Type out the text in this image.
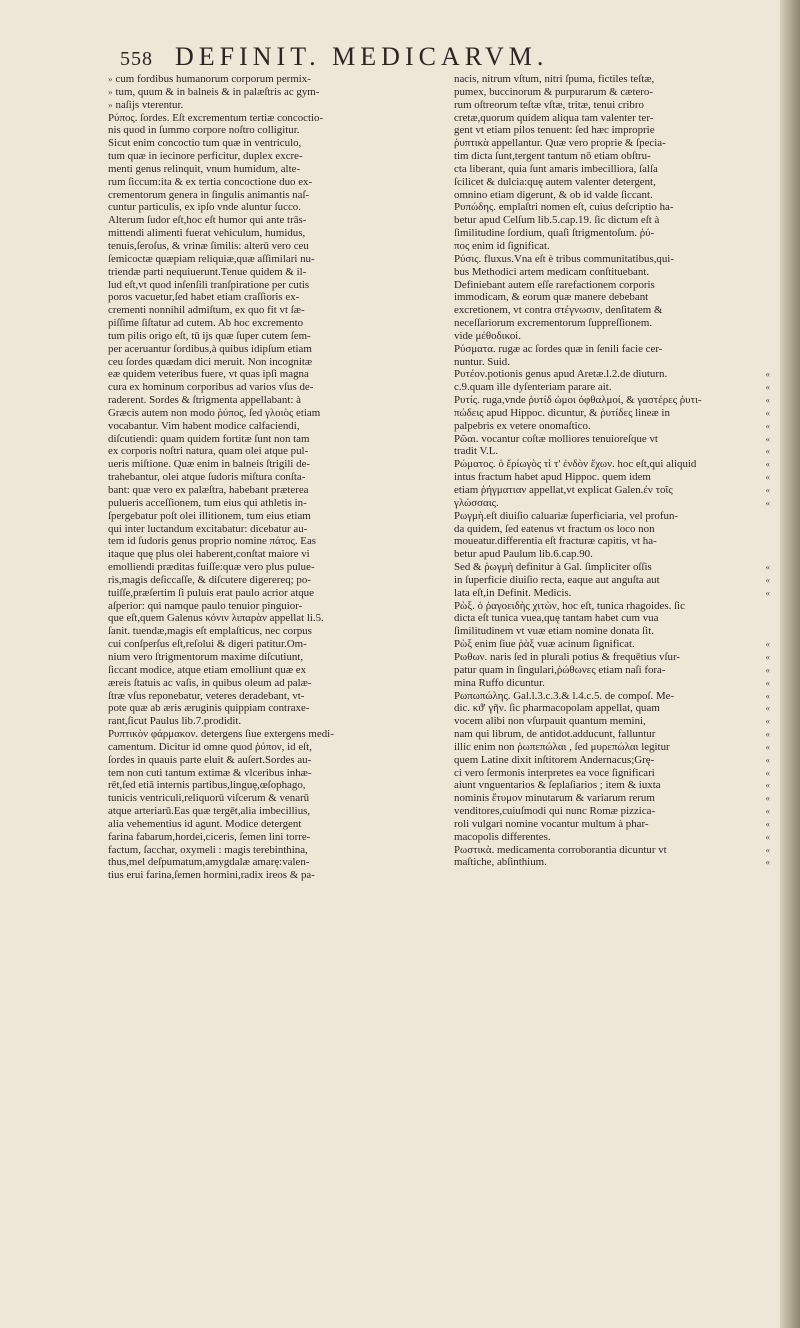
558 DEFINIT. MEDICARVM.
» cum fordibus humanorum corporum permix-
» tum, quum & in balneis & in palæſtris ac gym-
» naſijs vterentur.
Pύπος. ſordes. Eſt excrementum tertiæ concoctio-
nis quod in ſummo corpore noſtro colligitur.
Sicut enim concoctio tum quæ in ventriculo,
tum quæ in iecinore perficitur, duplex excre-
menti genus relinquit, vnum humidum, alte-
rum ſiccum:ita & ex tertia concoctione duo ex-
crementorum genera in ſingulis animantis naſ-
cuntur particulis, ex ipſo vnde aluntur ſucco.
Alterum ſudor eſt,hoc eſt humor qui ante trās-
mittendi alimenti fuerat vehiculum, humidus,
tenuis,ſeroſus, & vrinæ ſimilis: alterū vero ceu
ſemicoctæ quæpiam reliquiæ,quæ aſſimilari nu-
triendæ parti nequiuerunt.Tenue quidem & il-
lud eſt,vt quod inſenſili tranſpiratione per cutis
poros vacuetur,ſed habet etiam craſſioris ex-
crementi nonnihil admiſtum, ex quo fit vt ſæ-
piſſime ſiſtatur ad cutem. Ab hoc excremento
tum pilis origo eſt, tū ijs quæ ſuper cutem ſem-
per aceruantur ſordibus,à quibus idipſum etiam
ceu ſordes quædam dici meruit. Non incognitæ
eæ quidem veteribus fuere, vt quas ipſi magna
cura ex hominum corporibus ad varios vſus de-
raderent. Sordes & ſtrigmenta appellabant: à
Græcis autem non modo ῥύπος, ſed γλοιὸς etiam
vocabantur. Vim habent modice calfaciendi,
diſcutiendi: quam quidem fortitæ ſunt non tam
ex corporis noſtri natura, quam olei atque pul-
ueris miſtione. Quæ enim in balneis ſtrigili de-
trahebantur, olei atque ſudoris miſtura conſta-
bant: quæ vero ex palæſtra, habebant præterea
pulueris acceſſionem, tum eius qui athletis in-
ſpergebatur poſt olei illitionem, tum eius etiam
qui inter luctandum excitabatur: dicebatur au-
tem id ſudoris genus proprio nomine πάτος. Eas
itaque quę plus olei haberent,conſtat maiore vi
emolliendi præditas fuiſſe:quæ vero plus pulue-
ris,magis deſiccaſſe, & diſcutere digerereq; po-
tuiſſe,præſertim ſi puluis erat paulo acrior atque
aſperior: qui namque paulo tenuior pinguior-
que eſt,quem Galenus κόνιν λιπαρὰν appellat li.5.
ſanit. tuendæ,magis eſt emplaſticus, nec corpus
cui conſperſus eſt,reſolui & digeri patitur.Om-
nium vero ſtrigmentorum maxime diſcutiunt,
ſiccant modice, atque etiam emolliunt quæ ex
æreis ſtatuis ac vaſis, in quibus oleum ad palæ-
ſtræ vſus reponebatur, veteres deradebant, vt-
pote quæ ab æris æruginis quippiam contraxe-
rant,ſicut Paulus lib.7.prodidit.
Pυπτικὸν φάρμακον. detergens ſiue extergens medi-
camentum. Dicitur id omne quod ῥύπον, id eſt,
ſordes in quauis parte eluit & auſert.Sordes au-
tem non cuti tantum extimæ & vlceribus inhæ-
rēt,ſed etiā internis partibus,linguę,œſophago,
tunicis ventriculi,reliquorū viſcerum & venarū
atque arteriarū.Eas quæ tergēt,alia imbecillius,
alia vehementius id agunt. Modice detergent
farina fabarum,hordei,ciceris, ſemen lini torre-
factum, ſacchar, oxymeli : magis terebinthina,
thus,mel deſpumatum,amygdalæ amarę:valen-
tius erui farina,ſemen hormini,radix ireos & pa-
nacis, nitrum vſtum, nitri ſpuma, fictiles teſtæ,
pumex, buccinorum & purpurarum & cætero-
rum oſtreorum teſtæ vſtæ, tritæ, tenui cribro
cretæ,quorum quidem aliqua tam valenter ter-
gent vt etiam pilos tenuent: ſed hæc improprie
ῥυπτικὰ appellantur. Quæ vero proprie & ſpecia-
tim dicta ſunt,tergent tantum nō etiam obſtru-
cta liberant, quia ſunt amaris imbecilliora, ſalſa
ſcilicet & dulcia:quę autem valenter detergent,
omnino etiam digerunt, & ob id valde ſiccant.
Pυπώδης. emplaſtri nomen eſt, cuius deſcriptio ha-
betur apud Celſum lib.5.cap.19. ſic dictum eſt à
ſimilitudine ſordium, quaſi ſtrigmentoſum. ῥύ-
πος enim id ſignificat.
Pύσις. fluxus.Vna eſt è tribus communitatibus,qui-
bus Methodici artem medicam conſtituebant.
Definiebant autem eſſe rarefactionem corporis
immodicam, & eorum quæ manere debebant
excretionem, vt contra στέγνωσιν, denſitatem &
neceſſariorum excrementorum ſuppreſſionem.
vide μέθοδικοί.
Pύσματα. rugæ ac ſordes quæ in ſenili facie cer-
nuntur. Suid.
Pυτέον.potionis genus apud Aretæ.l.2.de diuturn.	«
c.9.quam ille dyſenteriam parare ait.	«
Pυτίς. ruga,vnde ῥυτίδ ὠμοι ὀφθαλμοί, & γαστέρες ῥυτι-	«
πώδεις apud Hippoc. dicuntur, & ῥυτίδες lineæ in	«
palpebris ex vetere onomaſtico.	«
Pῶαι. vocantur coſtæ molliores tenuioreſque vt	«
tradit V.L.	«
Pώματος. ὁ ἔρίωγὸς τὶ τ' ἐνδὸν ἔχων. hoc eſt,qui aliquid	«
intus fractum habet apud Hippoc. quem idem	«
etiam ῥήγματιαν appellat,vt explicat Galen.ἐν τοῖς	«
γλώσσαις.	«
Pωγμὴ.eſt diuiſio caluariæ ſuperficiaria, vel profun-
da quidem, ſed eatenus vt fractum os loco non
moueatur.differentia eſt fracturæ capitis, vt ha-
betur apud Paulum lib.6.cap.90.
Sed & ῥωγμὴ definitur à Gal. ſimpliciter oſſis	«
in ſuperficie diuiſio recta, eaque aut anguſta aut	«
lata eſt,in Definit. Medicis.	«
Pὼξ. ὁ ῥαγοειδὴς χιτὼν, hoc eſt, tunica rhagoides. ſic
dicta eſt tunica vuea,quę tantam habet cum vua
ſimilitudinem vt vuæ etiam nomine donata ſit.
Pὼξ enim ſiue ῥὰξ vuæ acinum ſignificat.	«
Pωθων. naris ſed in plurali potius & frequētius vſur-	«
patur quam in ſingulari,ῥώθωνες etiam naſi fora-	«
mina Ruffo dicuntur.	«
Pωπωπώλης. Gal.l.3.c.3.& l.4.c.5. de compoſ. Me-	«
dic. κϑ' γῆν. ſic pharmacopolam appellat, quam	«
vocem alibi non vſurpauit quantum memini,	«
nam qui librum, de antidot.adducunt, falluntur	«
illic enim non ῥωπεπώλαι , ſed μυρεπώλαι legitur	«
quem Latine dixit inſtitorem Andernacus;Grę-	«
ci vero ſermonis interpretes ea voce ſignificari	«
aiunt vnguentarios & ſeplaſiarios ; item & iuxta	«
nominis ἔτυμον minutarum & variarum rerum	«
venditores,cuiuſmodi qui nunc Romæ pizzica-	«
roli vulgari nomine vocantur multum à phar-	«
macopolis differentes.	«
Pωστικὰ. medicamenta corroborantia dicuntur vt	«
maſtiche, abſinthium.	«
